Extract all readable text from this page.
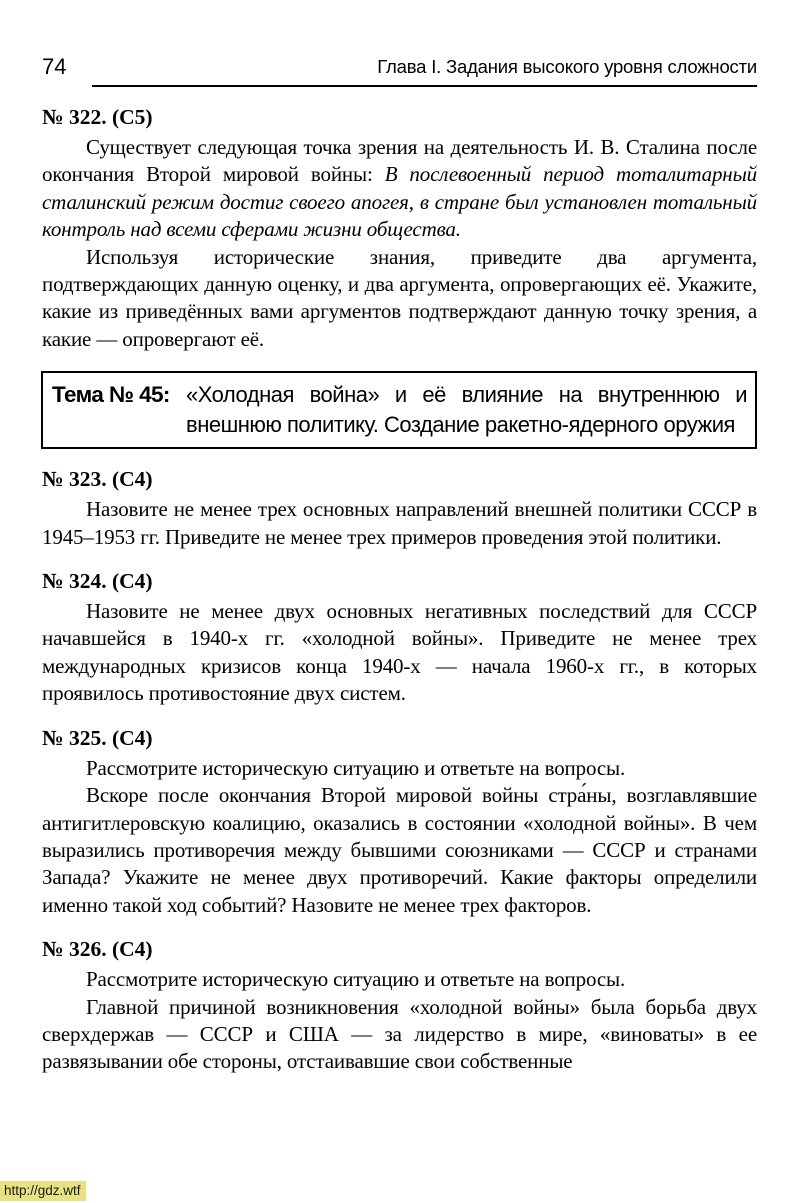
74	Глава I. Задания высокого уровня сложности
№ 322. (С5)

Существует следующая точка зрения на деятельность И. В. Сталина после окончания Второй мировой войны: В послевоенный период тоталитарный сталинский режим достиг своего апогея, в стране был установлен тотальный контроль над всеми сферами жизни общества.

Используя исторические знания, приведите два аргумента, подтверждающих данную оценку, и два аргумента, опровергающих её. Укажите, какие из приведённых вами аргументов подтверждают данную точку зрения, а какие — опровергают её.

Тема № 45: «Холодная война» и её влияние на внутреннюю и внешнюю политику. Создание ракетно-ядерного оружия
№ 323. (С4)

Назовите не менее трех основных направлений внешней политики СССР в 1945–1953 гг. Приведите не менее трех примеров проведения этой политики.

№ 324. (С4)

Назовите не менее двух основных негативных последствий для СССР начавшейся в 1940-х гг. «холодной войны». Приведите не менее трех международных кризисов конца 1940-х — начала 1960-х гг., в которых проявилось противостояние двух систем.

№ 325. (С4)

Рассмотрите историческую ситуацию и ответьте на вопросы.

Вскоре после окончания Второй мировой войны стра́ны, возглавлявшие антигитлеровскую коалицию, оказались в состоянии «холодной войны». В чем выразились противоречия между бывшими союзниками — СССР и странами Запада? Укажите не менее двух противоречий. Какие факторы определили именно такой ход событий? Назовите не менее трех факторов.

№ 326. (С4)

Рассмотрите историческую ситуацию и ответьте на вопросы.

Главной причиной возникновения «холодной войны» была борьба двух сверхдержав — СССР и США — за лидерство в мире, «виноваты» в ее развязывании обе стороны, отстаивавшие свои собственные

http://gdz.wtf
